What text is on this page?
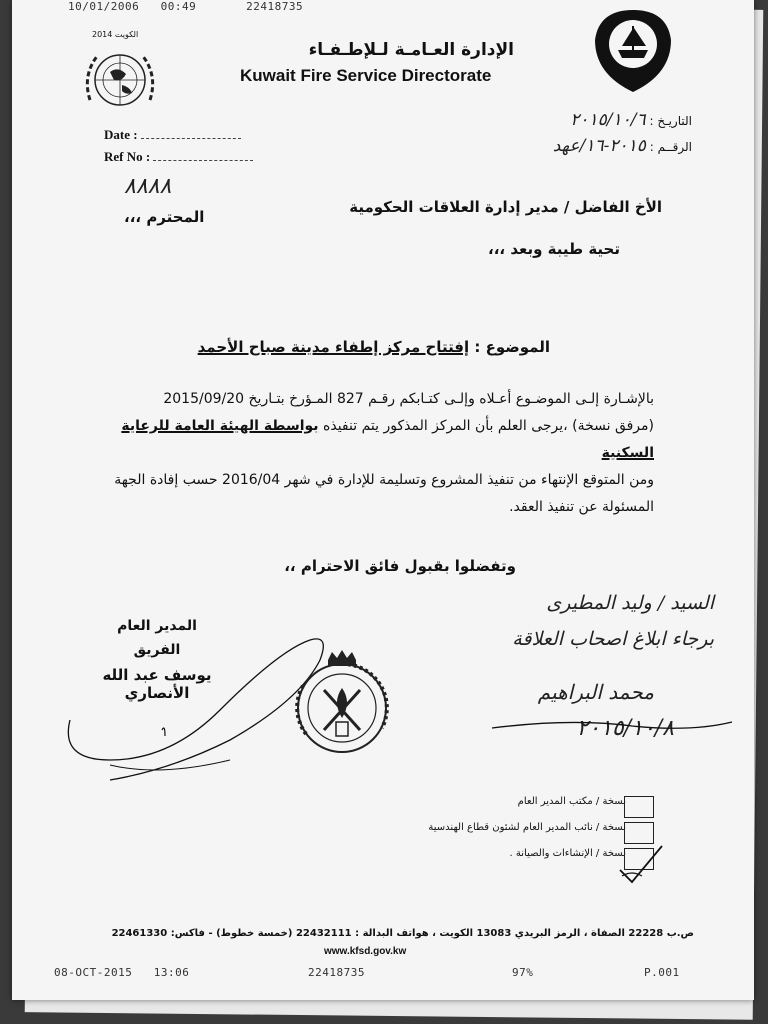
10/01/2006 00:49	22418735
الكويت 2014
الإدارة العـامـة لـلإطـفـاء
Kuwait Fire Service Directorate
Date :
Ref No :
التاريـخ : ٢٠١٥/١٠/٦
الرقــم : ٢٠١٥-١٦/عهد
٨٨٨٨
الأخ الفاضل / مدير إدارة العلاقات الحكومية
المحترم ،،،
تحية طيبة وبعد ،،،
الموضوع : إفتتاح مركز إطفاء مدينة صباح الأحمد
بالإشـارة إلـى الموضـوع أعـلاه وإلـى كتـابكم رقـم 827 المـؤرخ بتـاريخ 2015/09/20
(مرفق نسخة) ،يرجى العلم بأن المركز المذكور يتم تنفيذه بواسطة الهيئة العامة للرعاية السكنية
ومن المتوقع الإنتهاء من تنفيذ المشروع وتسليمة للإدارة في شهر 2016/04 حسب إفادة الجهة
المسئولة عن تنفيذ العقد.
وتفضلوا بقبول فائق الاحترام ،،
المدير العام
الفريق
يوسف عبد الله الأنصاري
السيد / وليد المطيرى
برجاء ابلاغ اصحاب العلاقة
محمد البراهيم
٢٠١٥/١٠/٨
نسخة / مكتب المدير العام
نسخة / نائب المدير العام لشئون قطاع الهندسية
نسخة / الإنشاءات والصيانة .
ص.ب 22228 الصفاة ، الرمز البريدي 13083 الكويت ، هواتف البدالة : 22432111 (خمسة خطوط) - فاكس: 22461330
www.kfsd.gov.kw
08-OCT-2015 13:06	22418735	97%	P.001
